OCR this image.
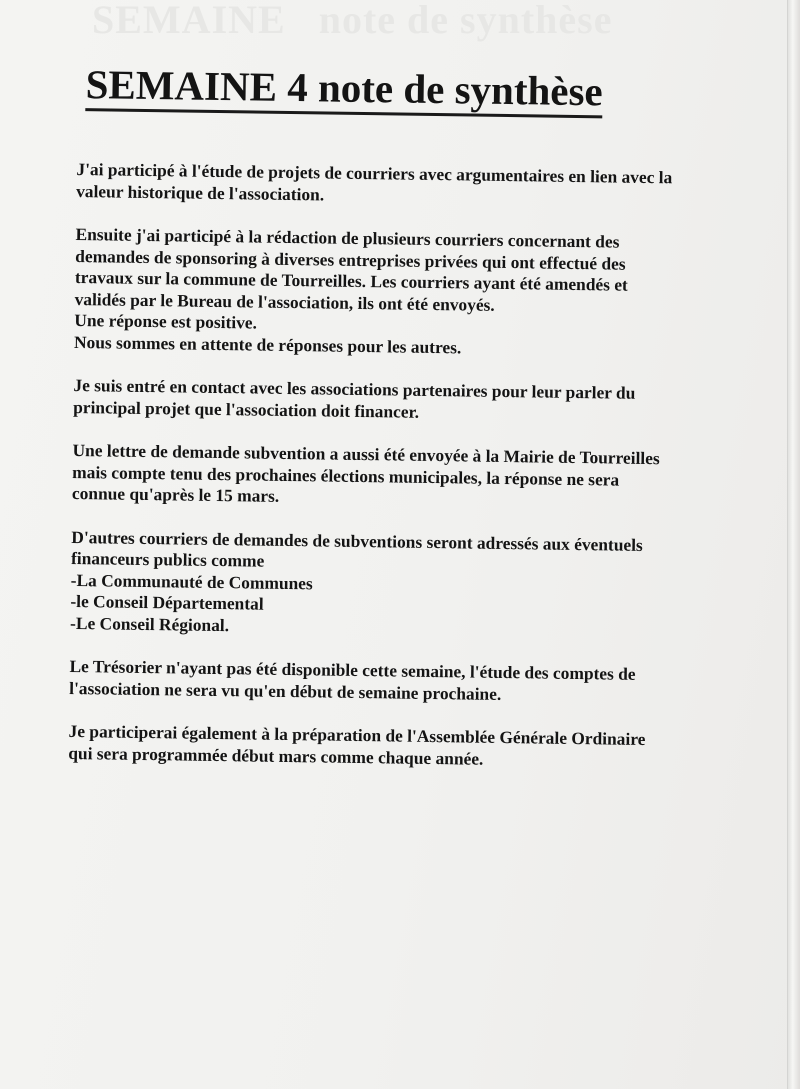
SEMAINE   note de synthèse
SEMAINE 4 note de synthèse
J'ai participé à l'étude de projets de courriers avec argumentaires en lien avec la
valeur historique de l'association.
Ensuite j'ai participé à la rédaction de plusieurs courriers concernant des
demandes de sponsoring à diverses entreprises privées qui ont effectué des
travaux sur la commune de Tourreilles. Les courriers ayant été amendés et
validés par le Bureau de l'association, ils ont été envoyés.
Une réponse est positive.
Nous sommes en attente de réponses pour les autres.
Je suis entré en contact avec les associations partenaires pour leur parler du
principal projet que l'association doit financer.
Une lettre de demande subvention a aussi été envoyée à la Mairie de Tourreilles
mais compte tenu des prochaines élections municipales, la réponse ne sera
connue qu'après le 15 mars.
D'autres courriers de demandes de subventions seront adressés aux éventuels
financeurs publics comme
-La Communauté de Communes
-le Conseil Départemental
-Le Conseil Régional.
Le Trésorier n'ayant pas été disponible cette semaine, l'étude des comptes de
l'association ne sera vu qu'en début de semaine prochaine.
Je participerai également à la préparation de l'Assemblée Générale Ordinaire
qui sera programmée début mars comme chaque année.
